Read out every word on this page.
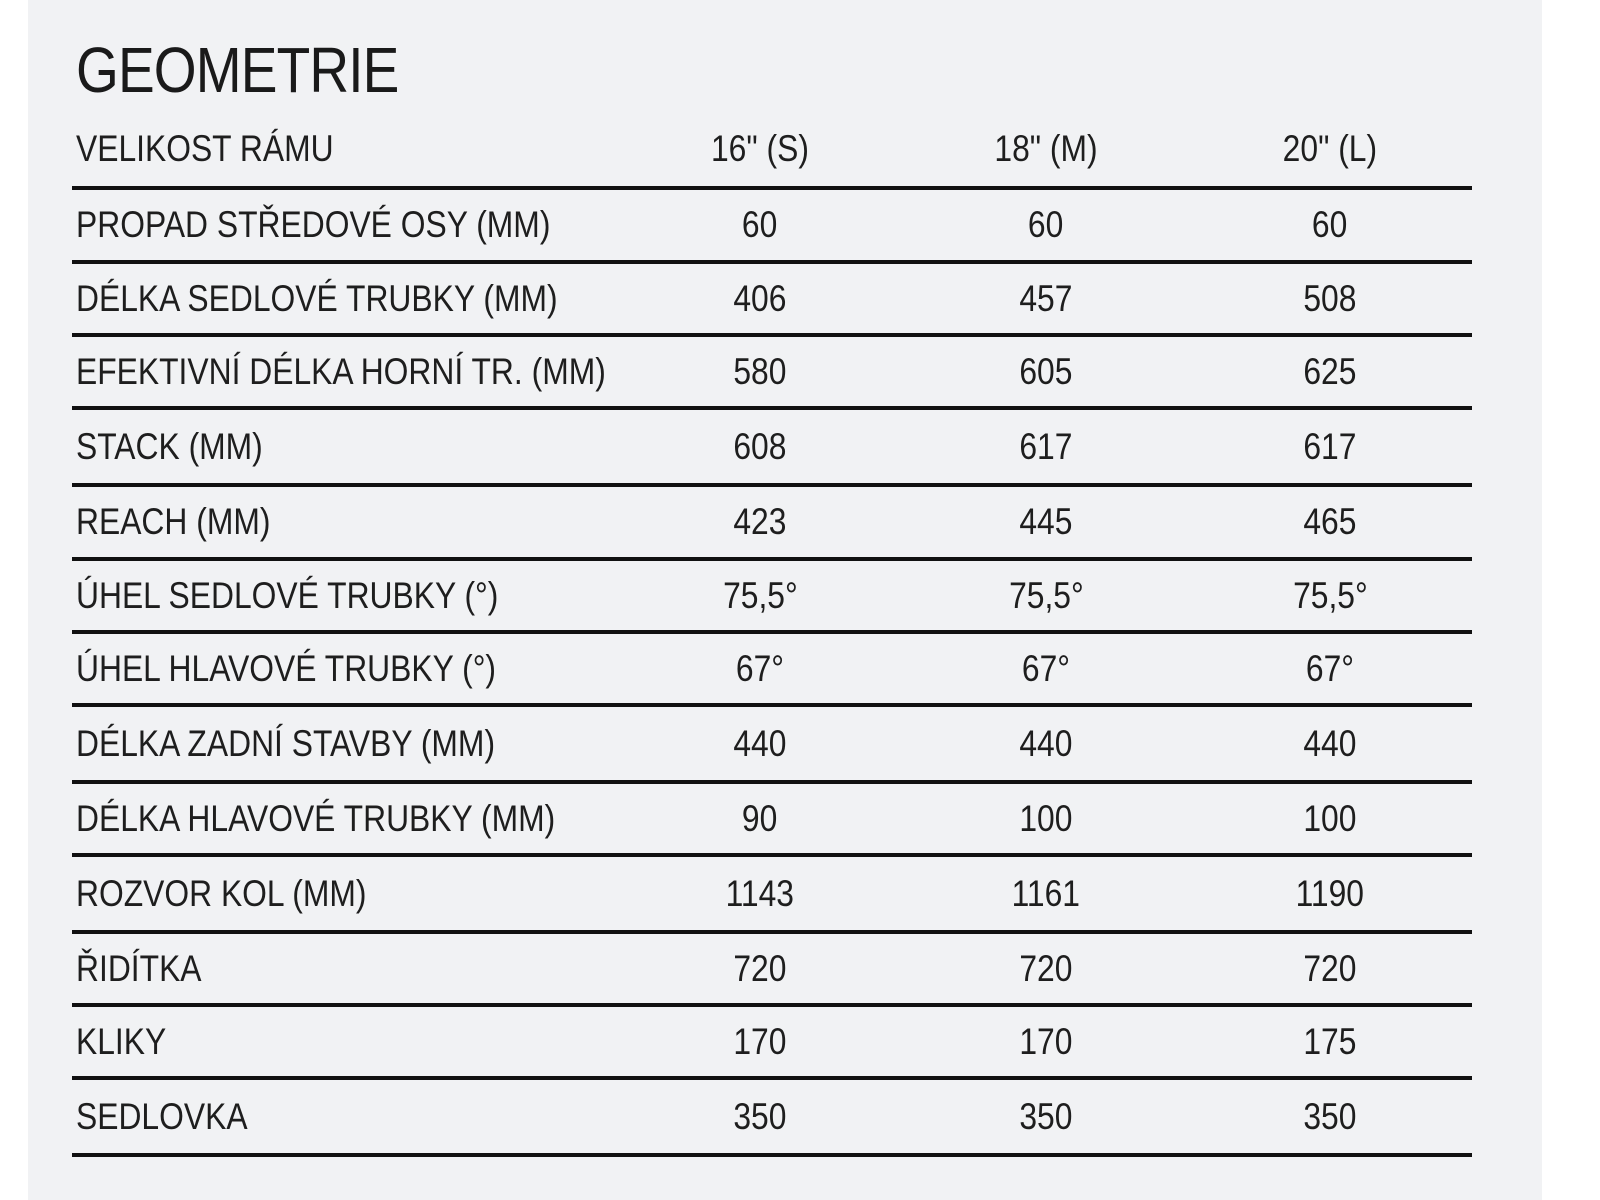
GEOMETRIE
VELIKOST RÁMU	16" (S)	18" (M)	20" (L)
PROPAD STŘEDOVÉ OSY (MM)	60	60	60
DÉLKA SEDLOVÉ TRUBKY (MM)	406	457	508
EFEKTIVNÍ DÉLKA HORNÍ TR. (MM)	580	605	625
STACK (MM)	608	617	617
REACH (MM)	423	445	465
ÚHEL SEDLOVÉ TRUBKY (°)	75,5°	75,5°	75,5°
ÚHEL HLAVOVÉ TRUBKY (°)	67°	67°	67°
DÉLKA ZADNÍ STAVBY (MM)	440	440	440
DÉLKA HLAVOVÉ TRUBKY (MM)	90	100	100
ROZVOR KOL (MM)	1143	1161	1190
ŘIDÍTKA	720	720	720
KLIKY	170	170	175
SEDLOVKA	350	350	350
